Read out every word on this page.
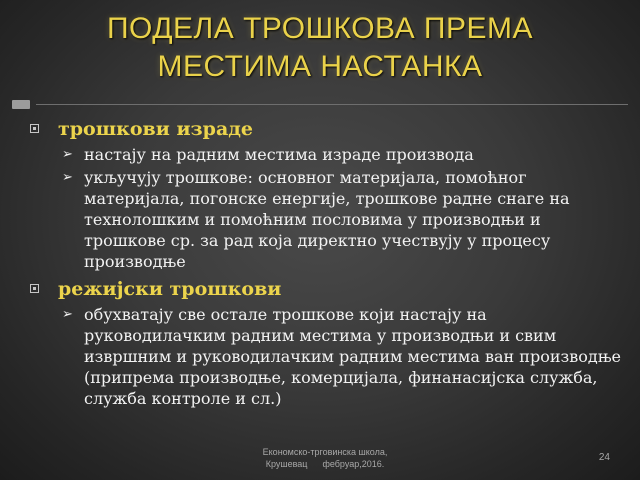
ПОДЕЛА ТРОШКОВА ПРЕМА
МЕСТИМА НАСТАНКА
трошкови израде
➢ настају на радним местима израде производа
➢ укључују трошкове: основног материјала, помоћног материјала, погонске енергије, трошкове радне снаге на технолошким и помоћним пословима у производњи и трошкове ср. за рад која директно учествују у процесу производње
режијски трошкови
➢ обухватају све остале трошкове који настају на руководилачким радним местима у производњи и свим извршним и руководилачким радним местима ван производње (припрема производње, комерцијала, финанасијска служба, служба контроле и сл.)
Економско-трговинска школа,
Крушевац      фебруар,2016.
24
